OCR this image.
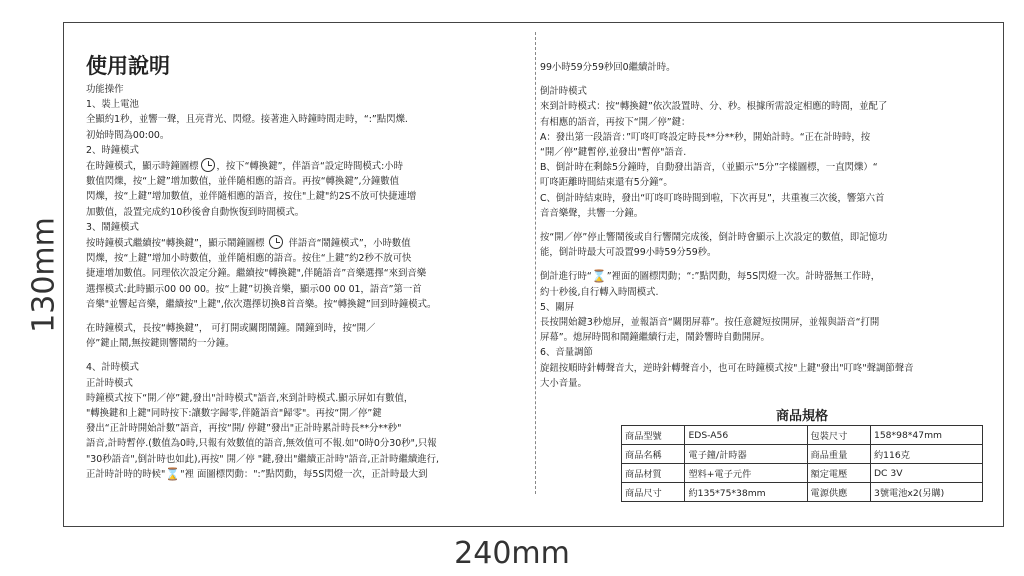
130mm
240mm

使用說明

功能操作

1、裝上電池

全顯約1秒，並響一聲，且亮背光、閃燈。接著進入時鐘時間走時，“:”點閃爍.

初始時間為00:00。

2、時鐘模式

在時鐘模式，顯示時鐘圖標 ，按下“轉換鍵”，伴語音“設定時間模式:小時

數值閃爍，按“上鍵”增加數值，並伴隨相應的語音。再按“轉換鍵”,分鐘數值

閃爍，按“上鍵”增加數值，並伴隨相應的語音，按住"上鍵"約2S不放可快捷連增

加數值，設置完成約10秒後會自動恢復到時間模式。

3、鬧鐘模式

按時鐘模式繼續按“轉換鍵”，顯示鬧鐘圖標	伴語音“鬧鐘模式”，小時數值

閃爍，按“上鍵”增加小時數值，並伴隨相應的語音。按住“上鍵”約2秒不放可快

捷連增加數值。同理依次設定分鐘。繼續按"轉換鍵",伴隨語音”音樂選擇“來到音樂

選擇模式:此時顯示00 00 00。按“上鍵”切換音樂，顯示00 00 01，語音”第一首

音樂"並響起音樂，繼續按"上鍵",依次選擇切換8首音樂。按“轉換鍵”回到時鐘模式。

在時鐘模式，長按“轉換鍵”， 可打開或關閉鬧鐘。鬧鐘到時，按“開／

停”鍵止鬧,無按鍵則響鬧約一分鐘。

4、計時模式

正計時模式

時鐘模式按下“開／停”鍵,發出"計時模式"語音,來到計時模式.顯示屏如有數值，

"轉換鍵和上鍵"同時按下:讓數字歸零,伴隨語音"歸零"。再按“開／停”鍵

發出“正計時開始計數”語音，再按“開/ 停鍵”發出"正計時累計時長**分**秒"

語音,計時暫停.(數值為0時,只報有效數值的語音,無效值可不報.如"0時0分30秒",只報

"30秒語音",倒計時也如此),再按" 開／停 "鍵,發出"繼續正計時"語音,正計時繼續進行,

正計時計時的時候"⌛"裡 面圖標閃動：":”點閃動，每5S閃燈一次，正計時最大到

99小時59分59秒回0繼續計時。

倒計時模式

來到計時模式：按“轉換鍵”依次設置時、分、秒。根據所需設定相應的時間，並配了

有相應的語音，再按下“開／停”鍵：

A：發出第一段語音：”叮咚叮咚設定時長**分**秒，開始計時。“正在計時時，按

“開／停”鍵暫停,並發出"暫停"語音.

B、倒計時在剩餘5分鐘時，自動發出語音，（並顯示“5分”字樣圖標，一直閃爍）“

叮咚距離時間結束還有5分鐘“。

C、倒計時結束時，發出“叮咚叮咚時間到啦，下次再見”，共重複三次後，響第六首

音音樂聲，共響一分鐘。

按“開／停”停止響鬧後或自行響鬧完成後，倒計時會顯示上次設定的數值，即記憶功

能，倒計時最大可設置99小時59分59秒。

倒計進行時“⌛”裡面的圖標閃動；“:”點閃動，每5S閃燈一次。計時器無工作時，

約十秒後,自行轉入時間模式.

5、關屏

長按開始鍵3秒熄屏，並報語音“關閉屏幕”。按任意鍵短按開屏，並報與語音“打開

屏幕”。熄屏時間和鬧鐘繼續行走，鬧鈴響時自動開屏。

6、音量調節

旋鈕按順時針轉聲音大，逆時針轉聲音小，也可在時鐘模式按"上鍵"發出"叮咚"聲調節聲音

大小音量。

商品規格
商品型號	EDS-A56	包裝尺寸	158*98*47mm
商品名稱	電子鐘/計時器	商品重量	約116克
商品材質	塑料+電子元件	額定電壓	DC 3V
商品尺寸	約135*75*38mm	電源供應	3號電池x2(另購)
